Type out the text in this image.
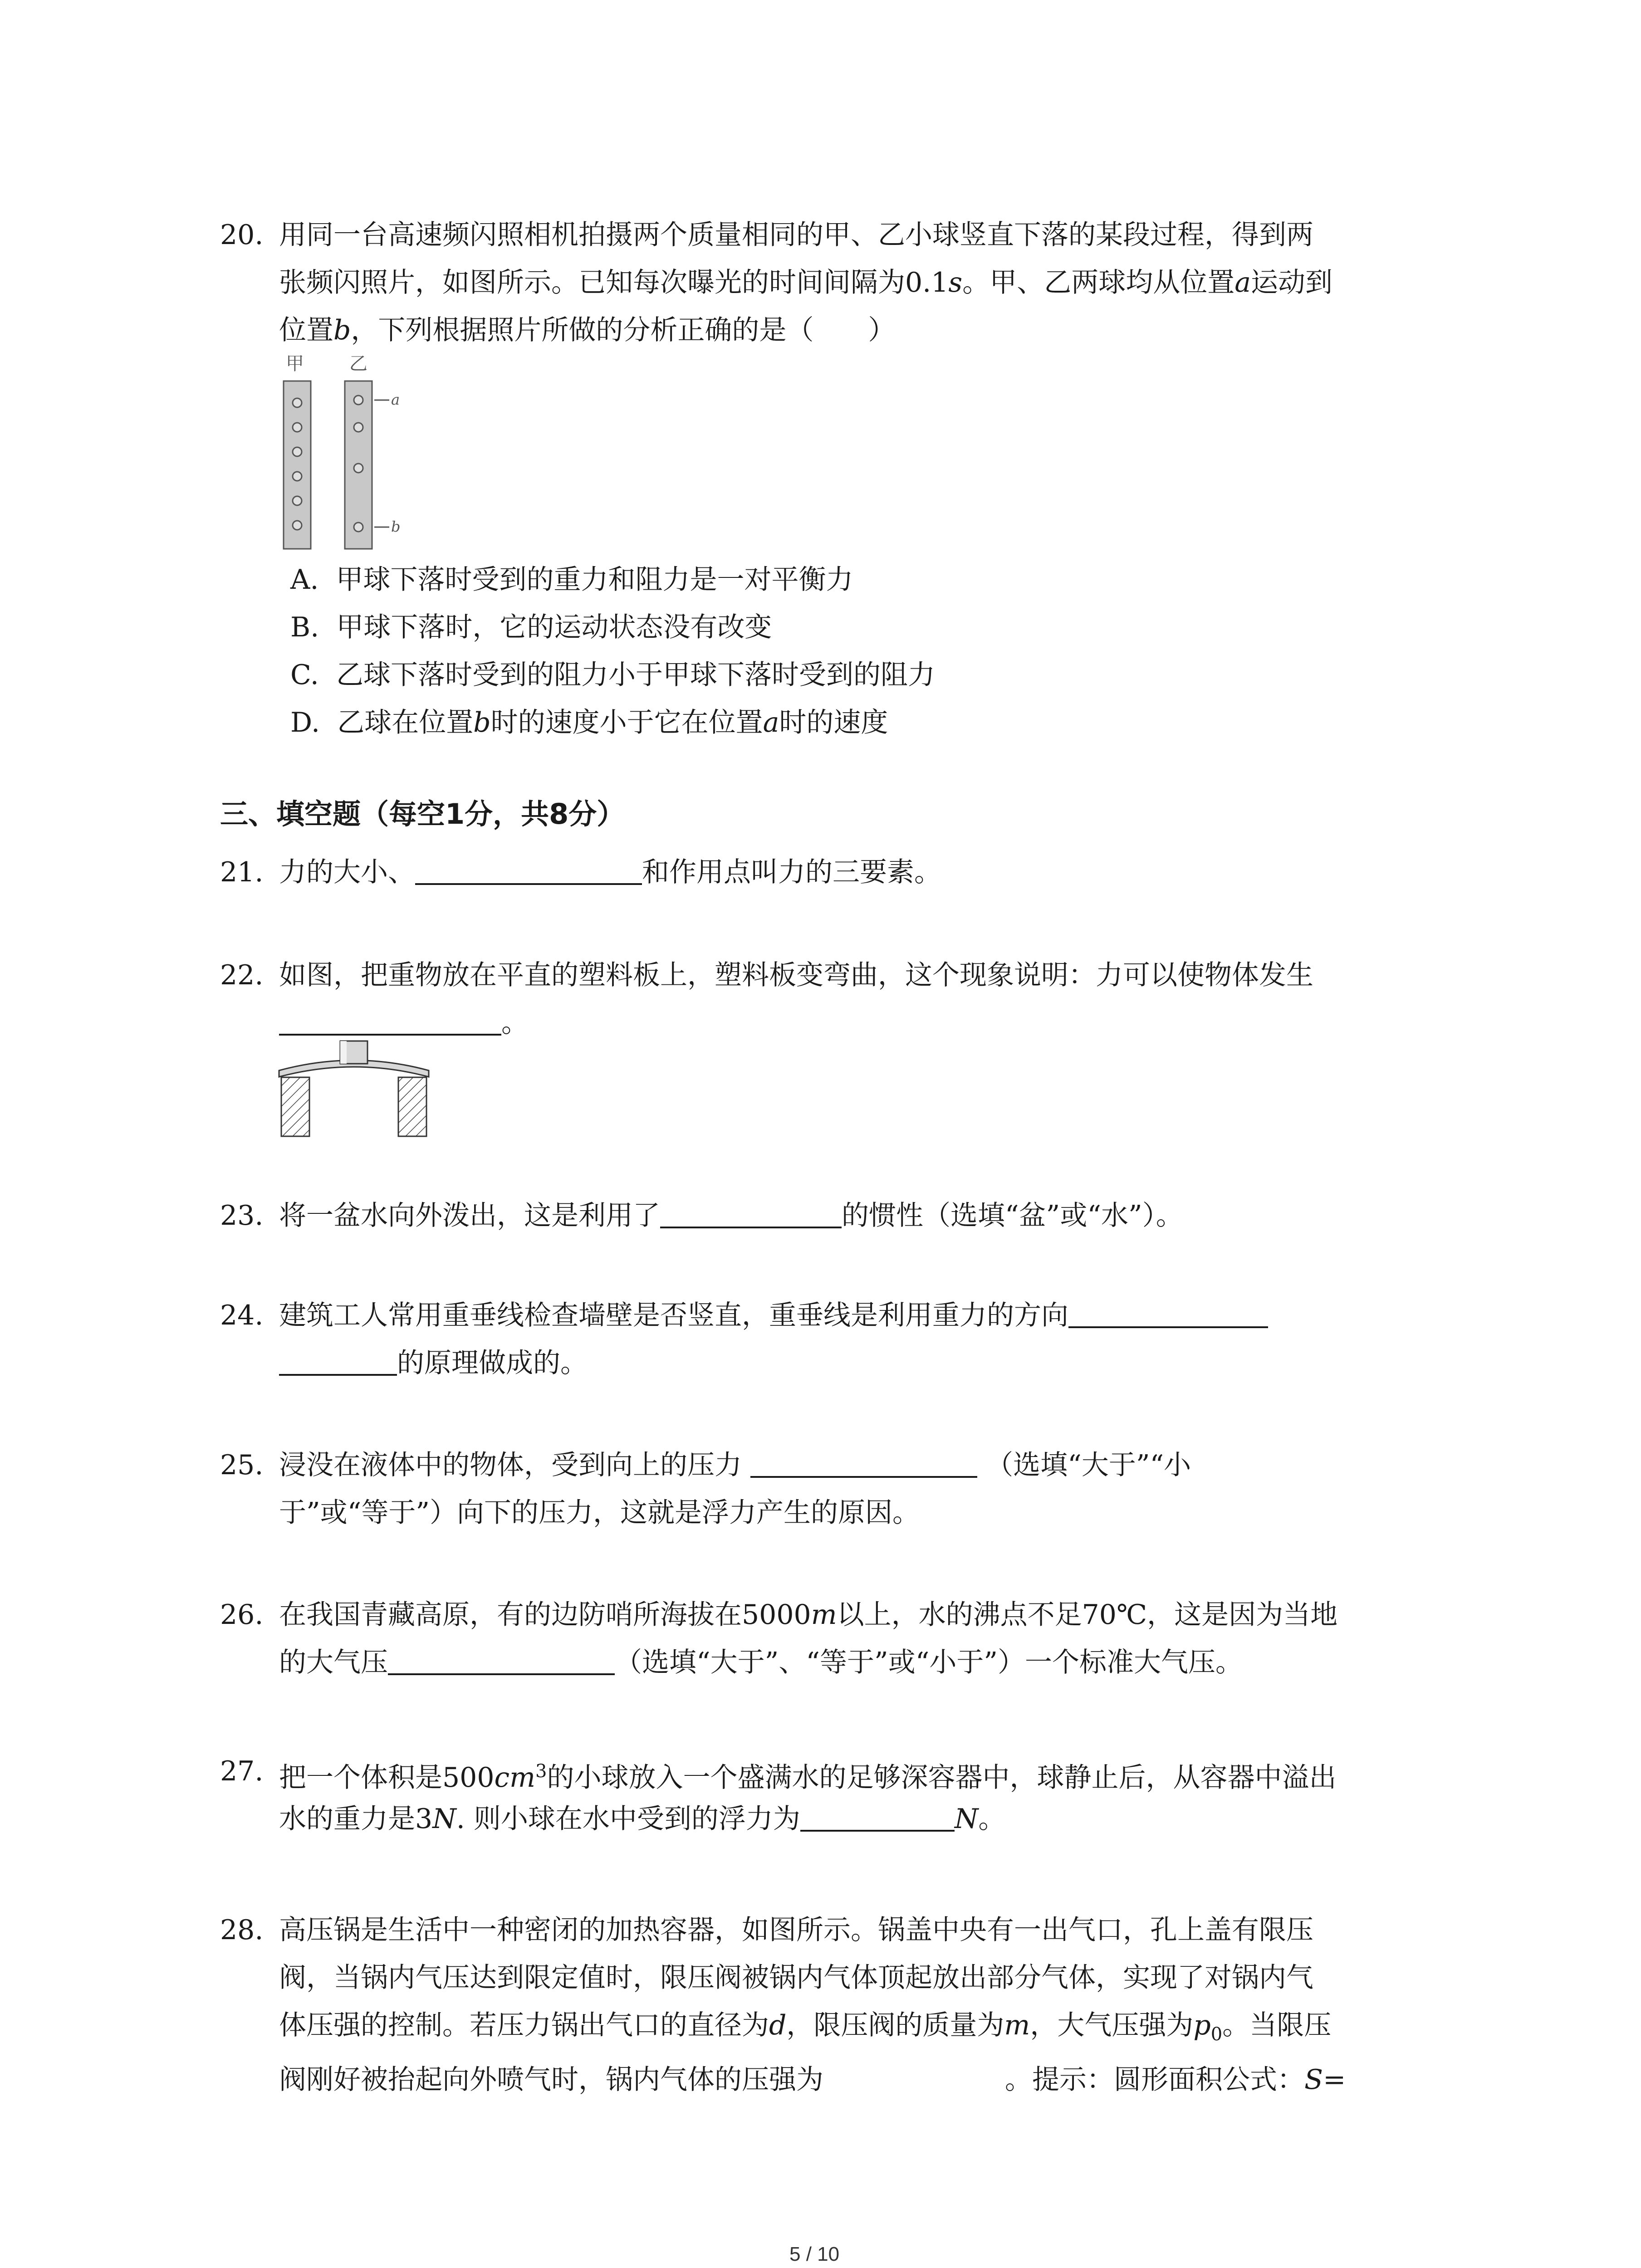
20. 用同一台高速频闪照相机拍摄两个质量相同的甲、乙小球竖直下落的某段过程，得到两
张频闪照片，如图所示。已知每次曝光的时间间隔为0.1s。甲、乙两球均从位置a运动到
位置b，下列根据照片所做的分析正确的是（　　）
甲	乙
a
b
A. 甲球下落时受到的重力和阻力是一对平衡力
B. 甲球下落时，它的运动状态没有改变
C. 乙球下落时受到的阻力小于甲球下落时受到的阻力
D. 乙球在位置b时的速度小于它在位置a时的速度
三、填空题（每空1分，共8分）
21. 力的大小、	和作用点叫力的三要素。
22. 如图，把重物放在平直的塑料板上，塑料板变弯曲，这个现象说明：力可以使物体发生
。
23. 将一盆水向外泼出，这是利用了	的惯性（选填“盆”或“水”）。
24. 建筑工人常用重垂线检查墙壁是否竖直，重垂线是利用重力的方向
的原理做成的。
25. 浸没在液体中的物体，受到向上的压力	（选填“大于”“小
于”或“等于”）向下的压力，这就是浮力产生的原因。
26. 在我国青藏高原，有的边防哨所海拔在5000m以上，水的沸点不足70℃，这是因为当地
的大气压	（选填“大于”、“等于”或“小于”）一个标准大气压。
27. 把一个体积是$500cm^3$的小球放入一个盛满水的足够深容器中，球静止后，从容器中溢出
水的重力是3N. 则小球在水中受到的浮力为	N。
28. 高压锅是生活中一种密闭的加热容器，如图所示。锅盖中央有一出气口，孔上盖有限压
阀，当锅内气压达到限定值时，限压阀被锅内气体顶起放出部分气体，实现了对锅内气
体压强的控制。若压力锅出气口的直径为d，限压阀的质量为m，大气压强为$p_0$。当限压
阀刚好被抬起向外喷气时，锅内气体的压强为	。提示：圆形面积公式：S=
5 / 10
